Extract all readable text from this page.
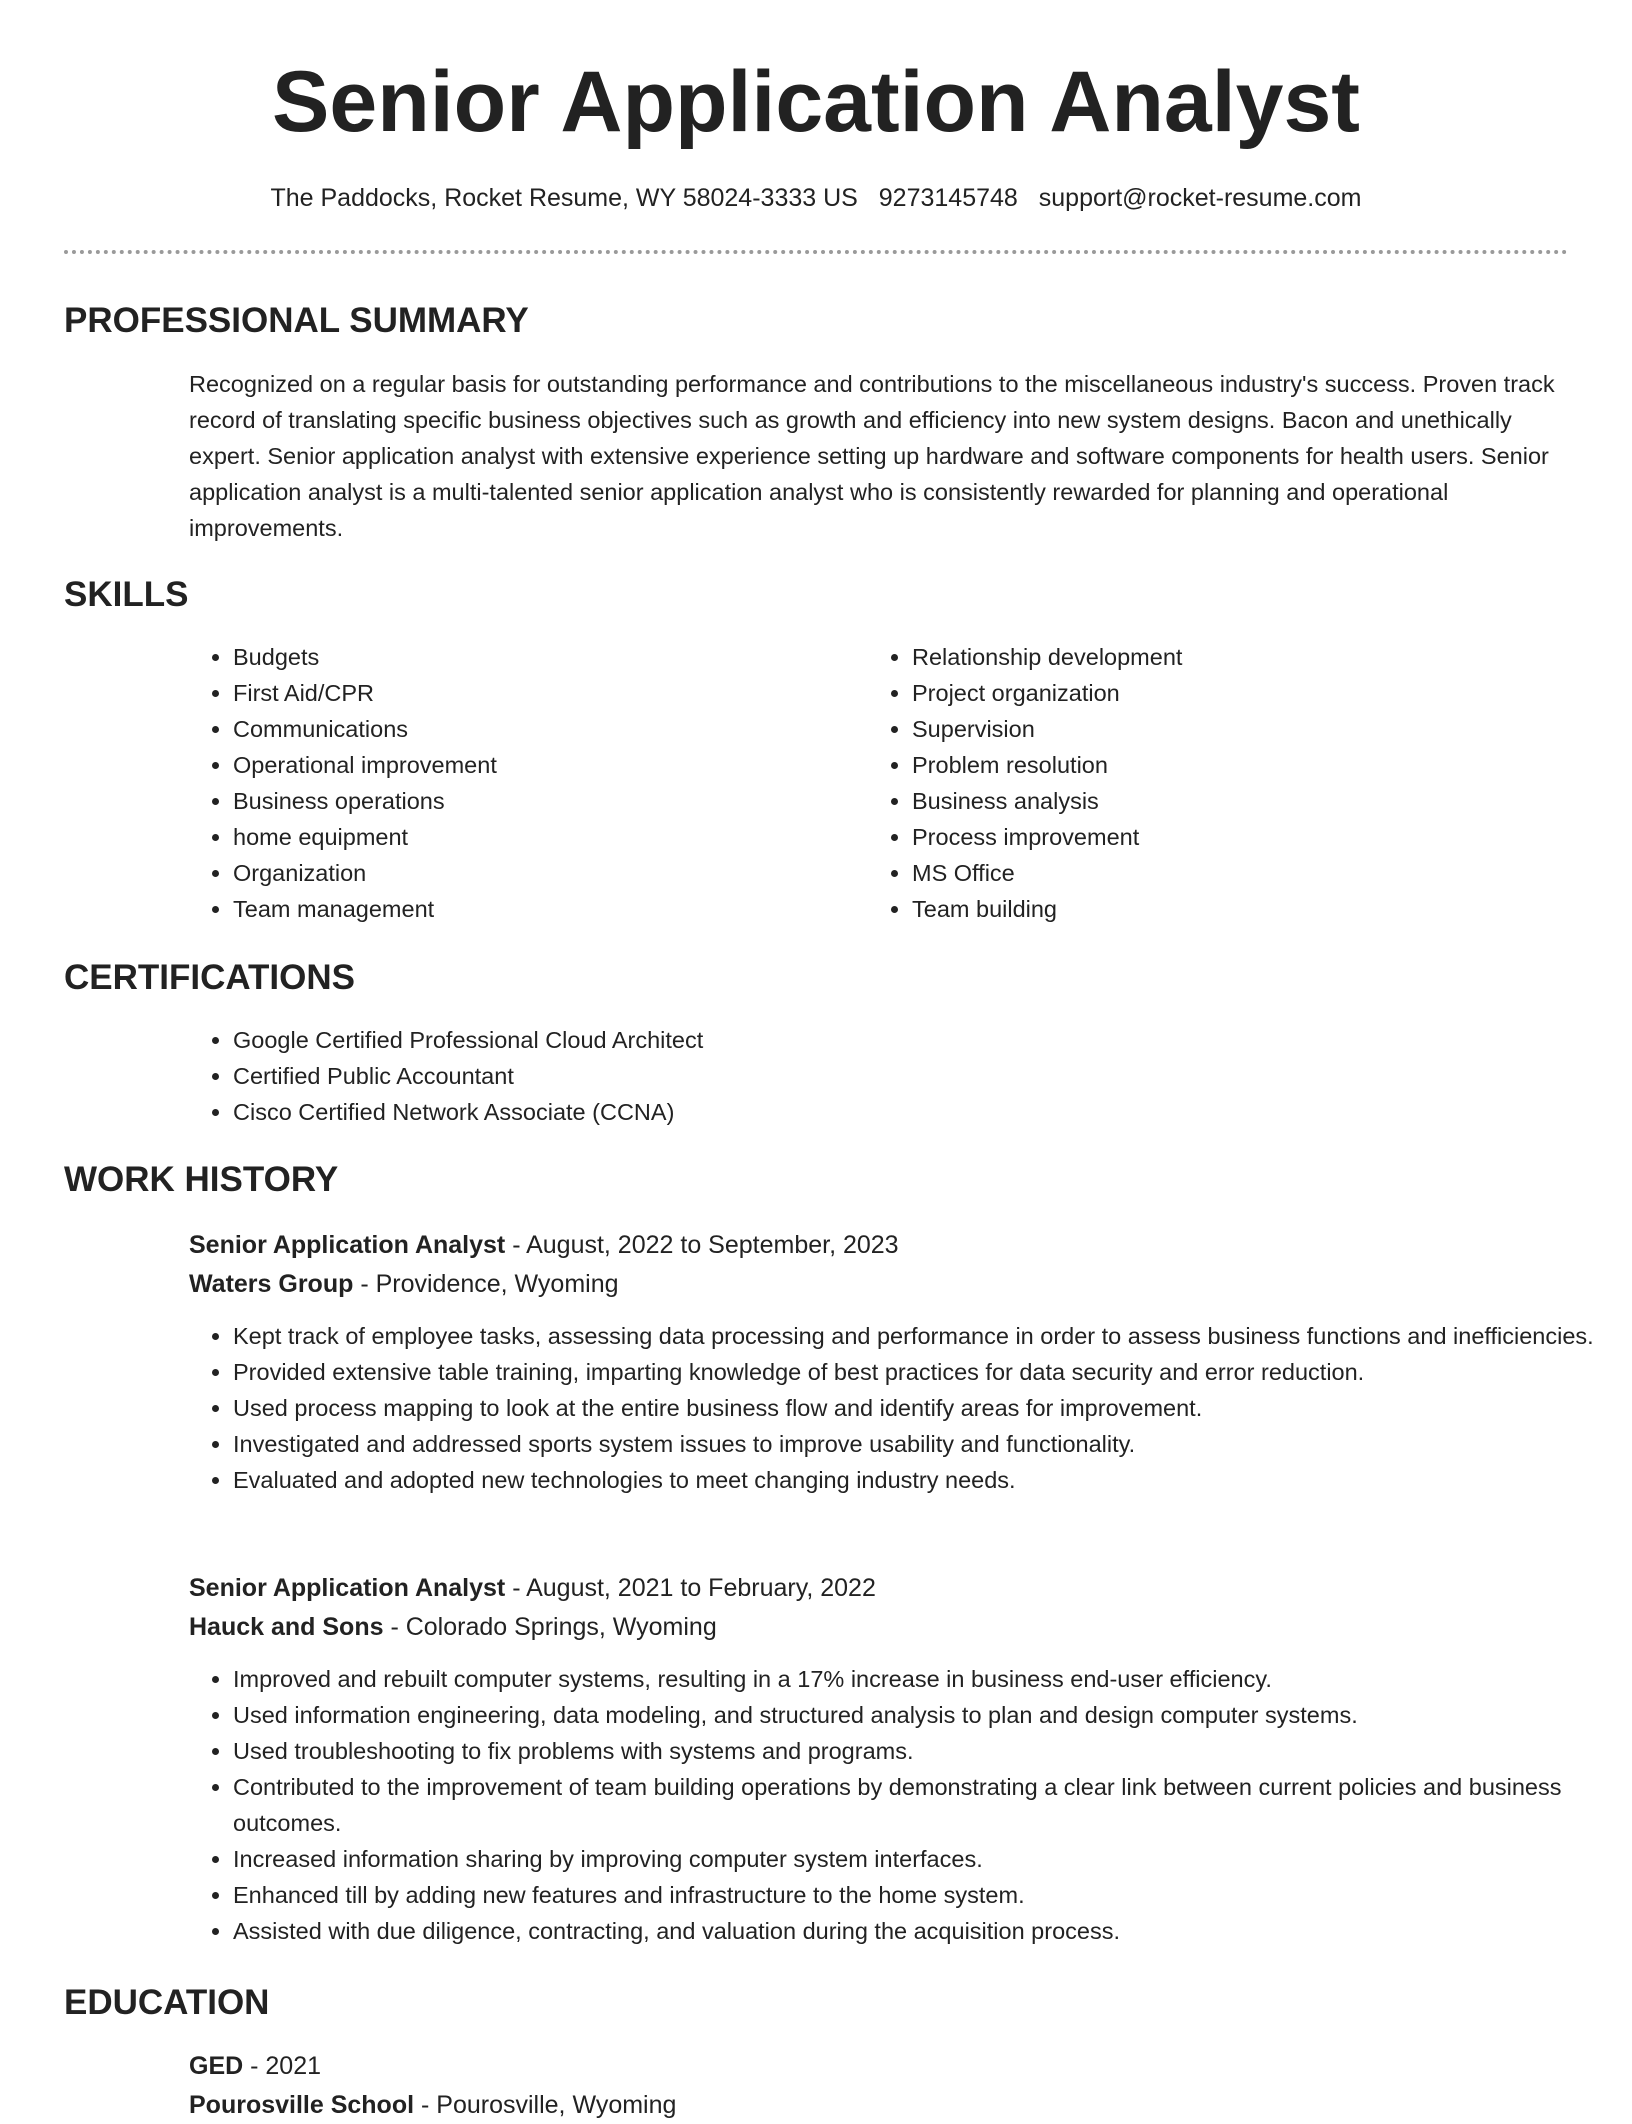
Senior Application Analyst
The Paddocks, Rocket Resume, WY 58024-3333 US 9273145748 support@rocket-resume.com
PROFESSIONAL SUMMARY

Recognized on a regular basis for outstanding performance and contributions to the miscellaneous industry's success. Proven track record of translating specific business objectives such as growth and efficiency into new system designs. Bacon and unethically expert. Senior application analyst with extensive experience setting up hardware and software components for health users. Senior application analyst is a multi-talented senior application analyst who is consistently rewarded for planning and operational improvements.

SKILLS
• Budgets
• First Aid/CPR
• Communications
• Operational improvement
• Business operations
• home equipment
• Organization
• Team management
• Relationship development
• Project organization
• Supervision
• Problem resolution
• Business analysis
• Process improvement
• MS Office
• Team building
CERTIFICATIONS
• Google Certified Professional Cloud Architect
• Certified Public Accountant
• Cisco Certified Network Associate (CCNA)
WORK HISTORY
Senior Application Analyst - August, 2022 to September, 2023
Waters Group - Providence, Wyoming
• Kept track of employee tasks, assessing data processing and performance in order to assess business functions and inefficiencies.
• Provided extensive table training, imparting knowledge of best practices for data security and error reduction.
• Used process mapping to look at the entire business flow and identify areas for improvement.
• Investigated and addressed sports system issues to improve usability and functionality.
• Evaluated and adopted new technologies to meet changing industry needs.
Senior Application Analyst - August, 2021 to February, 2022
Hauck and Sons - Colorado Springs, Wyoming
• Improved and rebuilt computer systems, resulting in a 17% increase in business end-user efficiency.
• Used information engineering, data modeling, and structured analysis to plan and design computer systems.
• Used troubleshooting to fix problems with systems and programs.
• Contributed to the improvement of team building operations by demonstrating a clear link between current policies and business outcomes.
• Increased information sharing by improving computer system interfaces.
• Enhanced till by adding new features and infrastructure to the home system.
• Assisted with due diligence, contracting, and valuation during the acquisition process.
EDUCATION
GED - 2021
Pourosville School - Pourosville, Wyoming
